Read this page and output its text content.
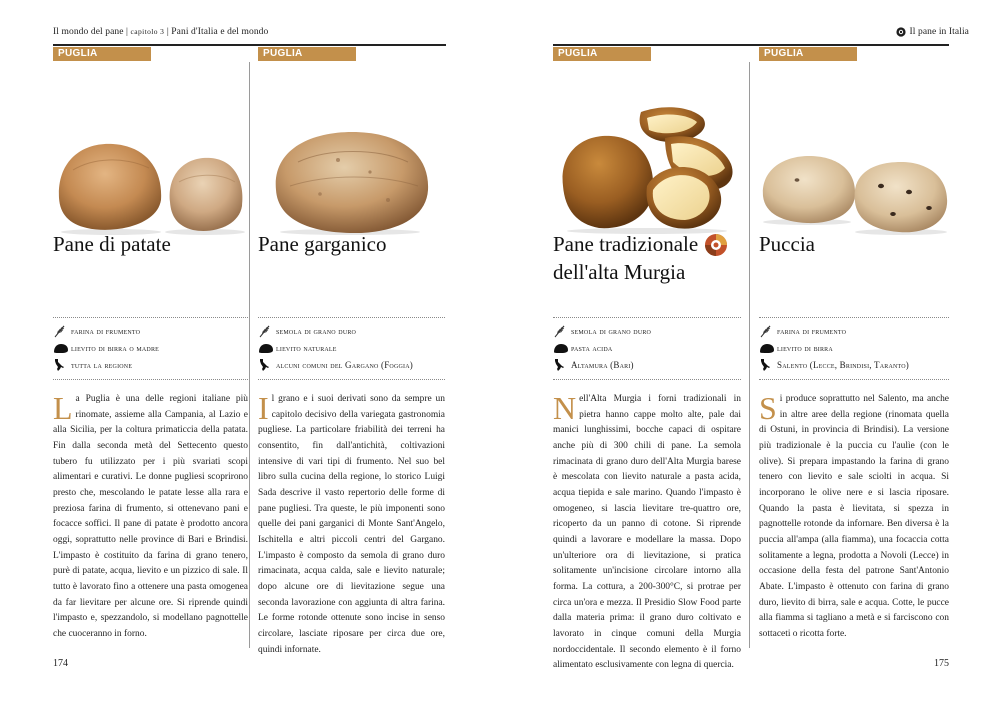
Il mondo del pane | capitolo 3 | Pani d'Italia e del mondo	Il pane in Italia
PUGLIA
Pane di patate
farina di frumento
lievito di birra o madre
tutta la regione
La Puglia è una delle regioni italiane più rinomate, assieme alla Campania, al Lazio e alla Sicilia, per la coltura primaticcia della patata. Fin dalla seconda metà del Settecento questo tubero fu utilizzato per i più svariati scopi alimentari e curativi. Le donne pugliesi scoprirono presto che, mescolando le patate lesse alla rara e preziosa farina di frumento, si ottenevano pani e focacce soffici. Il pane di patate è prodotto ancora oggi, soprattutto nelle province di Bari e Brindisi. L'impasto è costituito da farina di grano tenero, purè di patate, acqua, lievito e un pizzico di sale. Il tutto è lavorato fino a ottenere una pasta omogenea da far lievitare per alcune ore. Si riprende quindi l'impasto e, spezzandolo, si modellano pagnottelle che cuoceranno in forno.
PUGLIA
Pane garganico
semola di grano duro
lievito naturale
alcuni comuni del Gargano (Foggia)
Il grano e i suoi derivati sono da sempre un capitolo decisivo della variegata gastronomia pugliese. La particolare friabilità dei terreni ha consentito, fin dall'antichità, coltivazioni intensive di vari tipi di frumento. Nel suo bel libro sulla cucina della regione, lo storico Luigi Sada descrive il vasto repertorio delle forme di pane pugliesi. Tra queste, le più imponenti sono quelle dei pani garganici di Monte Sant'Angelo, Ischitella e altri piccoli centri del Gargano. L'impasto è composto da semola di grano duro rimacinata, acqua calda, sale e lievito naturale; dopo alcune ore di lievitazione segue una seconda lavorazione con aggiunta di altra farina. Le forme rotonde ottenute sono incise in senso circolare, lasciate riposare per circa due ore, quindi infornate.
PUGLIA
Pane tradizionale dell'alta Murgia
semola di grano duro
pasta acida
Altamura (Bari)
Nell'Alta Murgia i forni tradizionali in pietra hanno cappe molto alte, pale dai manici lunghissimi, bocche capaci di ospitare anche più di 300 chili di pane. La semola rimacinata di grano duro dell'Alta Murgia barese è mescolata con lievito naturale a pasta acida, acqua tiepida e sale marino. Quando l'impasto è omogeneo, si lascia lievitare tre-quattro ore, ricoperto da un panno di cotone. Si riprende quindi a lavorare e modellare la massa. Dopo un'ulteriore ora di lievitazione, si pratica solitamente un'incisione circolare intorno alla forma. La cottura, a 200-300°C, si protrae per circa un'ora e mezza. Il Presidio Slow Food parte dalla materia prima: il grano duro coltivato e lavorato in cinque comuni della Murgia nordoccidentale. Il secondo elemento è il forno alimentato esclusivamente con legna di quercia.
PUGLIA
Puccia
farina di frumento
lievito di birra
Salento (Lecce, Brindisi, Taranto)
Si produce soprattutto nel Salento, ma anche in altre aree della regione (rinomata quella di Ostuni, in provincia di Brindisi). La versione più tradizionale è la puccia cu l'aulìe (con le olive). Si prepara impastando la farina di grano tenero con lievito e sale sciolti in acqua. Si incorporano le olive nere e si lascia riposare. Quando la pasta è lievitata, si spezza in pagnottelle rotonde da infornare. Ben diversa è la puccia all'ampa (alla fiamma), una focaccia cotta solitamente a legna, prodotta a Novoli (Lecce) in occasione della festa del patrone Sant'Antonio Abate. L'impasto è ottenuto con farina di grano duro, lievito di birra, sale e acqua. Cotte, le pucce alla fiamma si tagliano a metà e si farciscono con sottaceti o ricotta forte.
174	175
